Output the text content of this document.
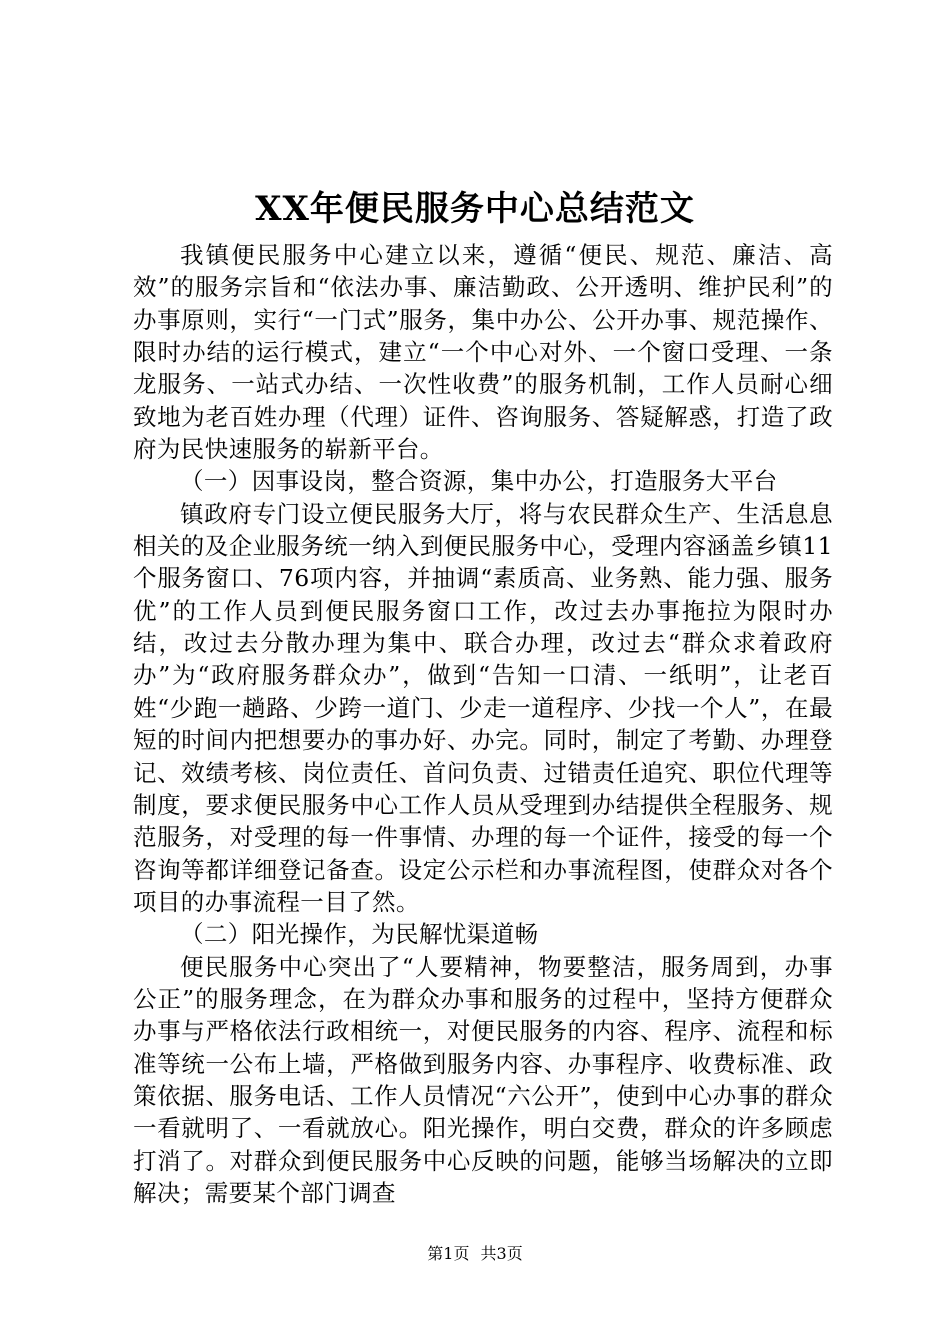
XX年便民服务中心总结范文

我镇便民服务中心建立以来，遵循“便民、规范、廉洁、高效”的服务宗旨和“依法办事、廉洁勤政、公开透明、维护民利”的办事原则，实行“一门式”服务，集中办公、公开办事、规范操作、限时办结的运行模式，建立“一个中心对外、一个窗口受理、一条龙服务、一站式办结、一次性收费”的服务机制，工作人员耐心细致地为老百姓办理（代理）证件、咨询服务、答疑解惑，打造了政府为民快速服务的崭新平台。

（一）因事设岗，整合资源，集中办公，打造服务大平台

镇政府专门设立便民服务大厅，将与农民群众生产、生活息息相关的及企业服务统一纳入到便民服务中心，受理内容涵盖乡镇11个服务窗口、76项内容，并抽调“素质高、业务熟、能力强、服务优”的工作人员到便民服务窗口工作，改过去办事拖拉为限时办结，改过去分散办理为集中、联合办理，改过去“群众求着政府办”为“政府服务群众办”，做到“告知一口清、一纸明”，让老百姓“少跑一趟路、少跨一道门、少走一道程序、少找一个人”，在最短的时间内把想要办的事办好、办完。同时，制定了考勤、办理登记、效绩考核、岗位责任、首问负责、过错责任追究、职位代理等制度，要求便民服务中心工作人员从受理到办结提供全程服务、规范服务，对受理的每一件事情、办理的每一个证件，接受的每一个咨询等都详细登记备查。设定公示栏和办事流程图，使群众对各个项目的办事流程一目了然。

（二）阳光操作，为民解忧渠道畅

便民服务中心突出了“人要精神，物要整洁，服务周到，办事公正”的服务理念，在为群众办事和服务的过程中，坚持方便群众办事与严格依法行政相统一，对便民服务的内容、程序、流程和标准等统一公布上墙，严格做到服务内容、办事程序、收费标准、政策依据、服务电话、工作人员情况“六公开”，使到中心办事的群众一看就明了、一看就放心。阳光操作，明白交费，群众的许多顾虑打消了。对群众到便民服务中心反映的问题，能够当场解决的立即解决；需要某个部门调查

第1页 共3页
